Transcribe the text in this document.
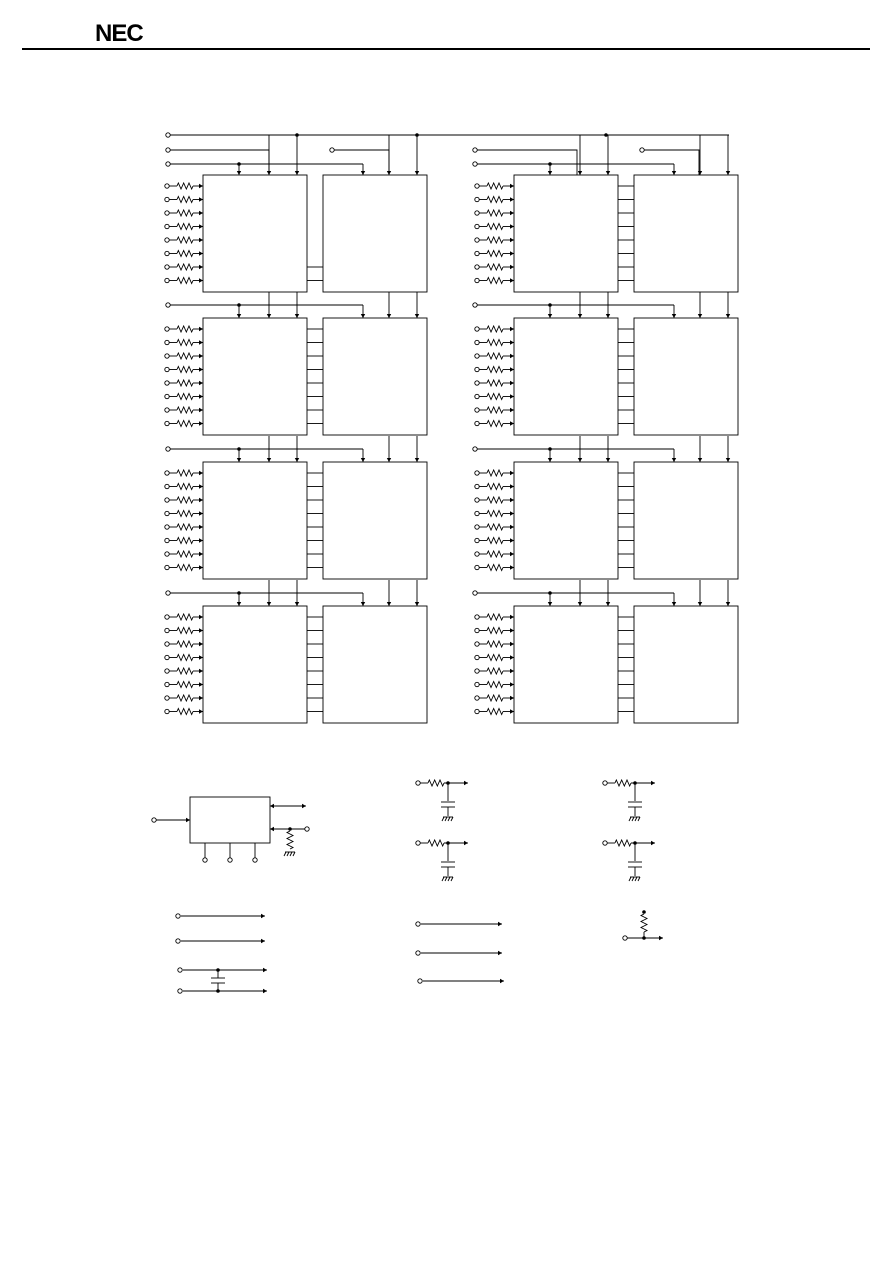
NEC
